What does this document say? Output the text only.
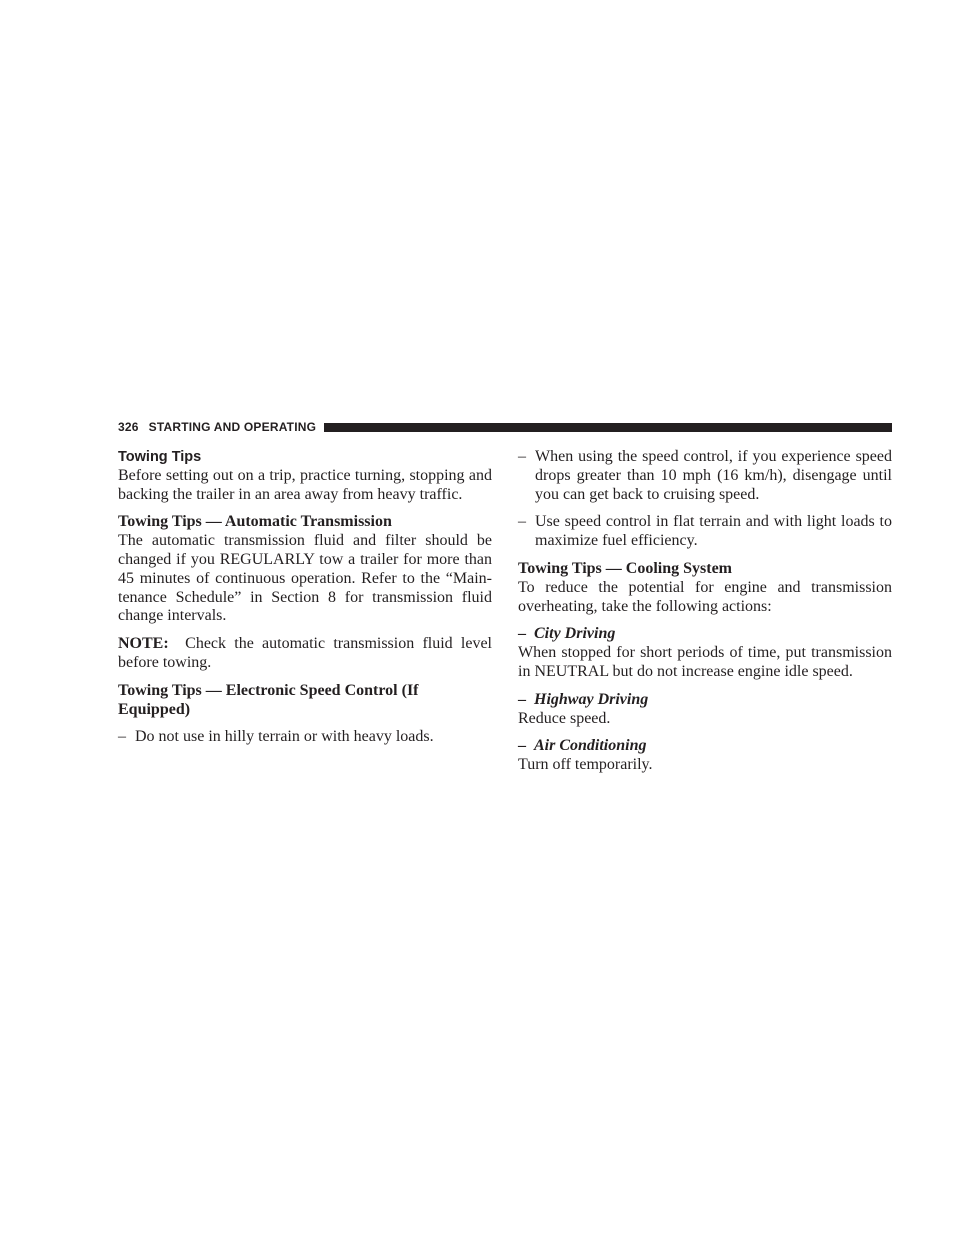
326 STARTING AND OPERATING
Towing Tips

Before setting out on a trip, practice turning, stopping and backing the trailer in an area away from heavy traffic.

Towing Tips — Automatic Transmission

The automatic transmission fluid and filter should be changed if you REGULARLY tow a trailer for more than 45 minutes of continuous operation. Refer to the “Maintenance Schedule” in Section 8 for transmission fluid change intervals.

NOTE: Check the automatic transmission fluid level before towing.

Towing Tips — Electronic Speed Control (If Equipped)
– Do not use in hilly terrain or with heavy loads.
– When using the speed control, if you experience speed drops greater than 10 mph (16 km/h), disengage until you can get back to cruising speed.
– Use speed control in flat terrain and with light loads to maximize fuel efficiency.
Towing Tips — Cooling System

To reduce the potential for engine and transmission overheating, take the following actions:

– City Driving

When stopped for short periods of time, put transmission in NEUTRAL but do not increase engine idle speed.

– Highway Driving

Reduce speed.

– Air Conditioning

Turn off temporarily.
